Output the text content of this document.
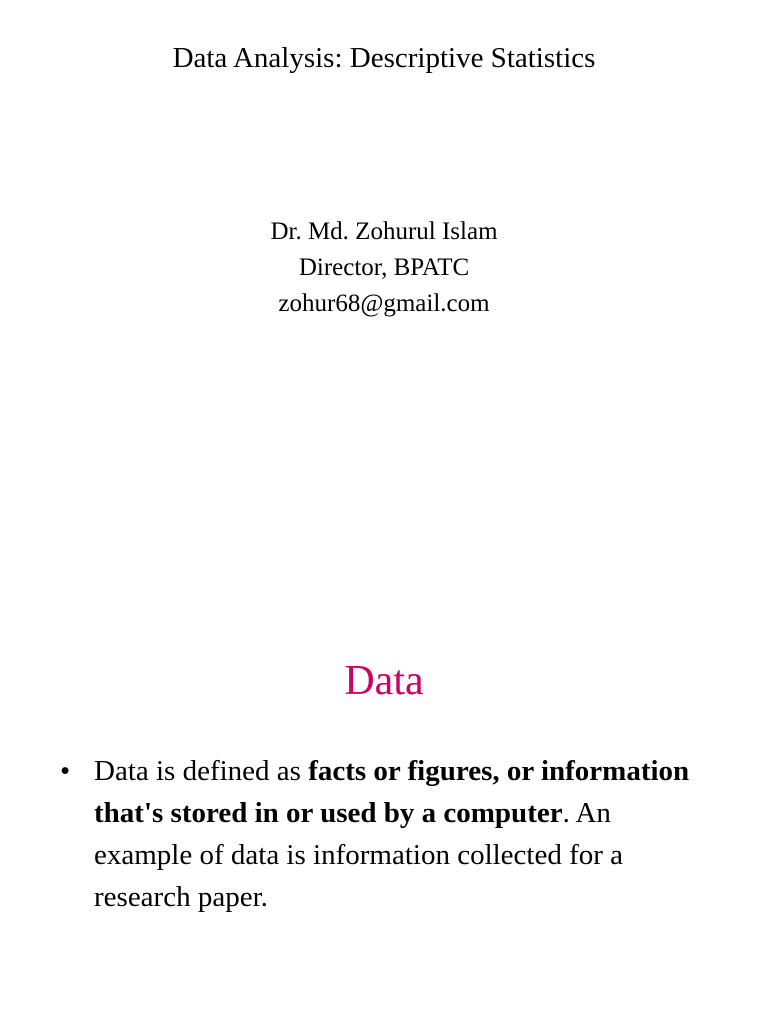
Data Analysis: Descriptive Statistics
Dr. Md. Zohurul Islam
Director, BPATC
zohur68@gmail.com
Data
• Data is defined as facts or figures, or information that's stored in or used by a computer. An example of data is information collected for a research paper.
